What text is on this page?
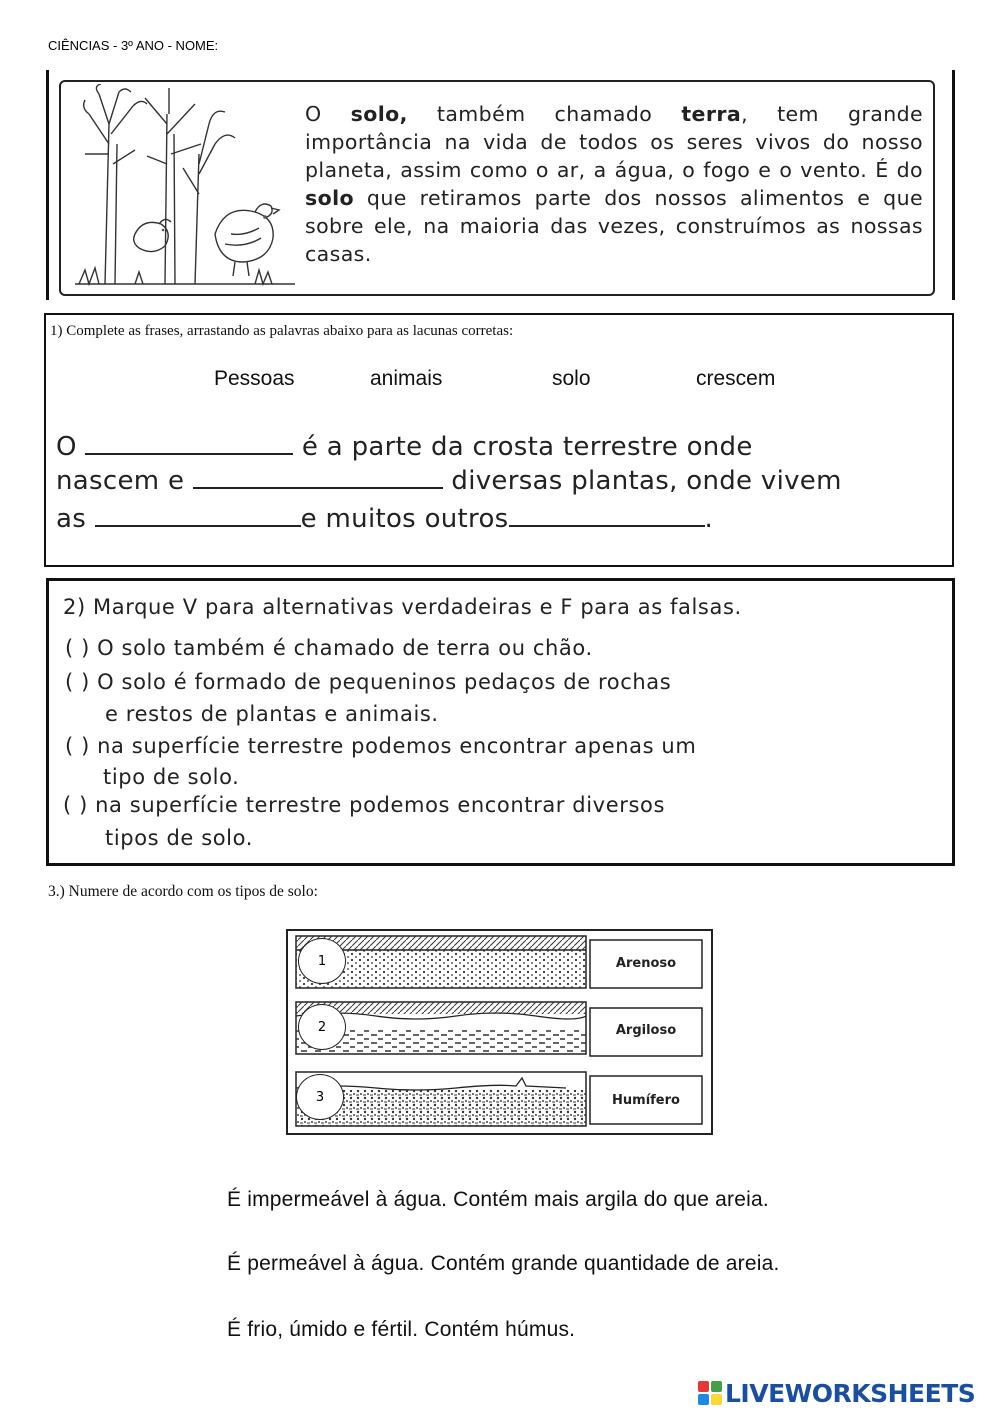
CIÊNCIAS - 3º ANO - NOME:
O solo, também chamado terra, tem grande importância na vida de todos os seres vivos do nosso planeta, assim como o ar, a água, o fogo e o vento. É do solo que retiramos parte dos nossos alimentos e que sobre ele, na maioria das vezes, construímos as nossas casas.
1) Complete as frases, arrastando as palavras abaixo para as lacunas corretas:
Pessoas	animais	solo	crescem
O	é a parte da crosta terrestre onde
nascem e	diversas plantas, onde vivem
as	e muitos outros	.
2) Marque V para alternativas verdadeiras e F para as falsas.
( ) O solo também é chamado de terra ou chão.
( ) O solo é formado de pequeninos pedaços de rochas
e restos de plantas e animais.
( ) na superfície terrestre podemos encontrar apenas um
tipo de solo.
( ) na superfície terrestre podemos encontrar diversos
tipos de solo.
3.) Numere de acordo com os tipos de solo:
1
2
3
Arenoso
Argiloso
Humífero
É impermeável à água. Contém mais argila do que areia.
É permeável à água. Contém grande quantidade de areia.
É frio, úmido e fértil. Contém húmus.
LIVEWORKSHEETS
